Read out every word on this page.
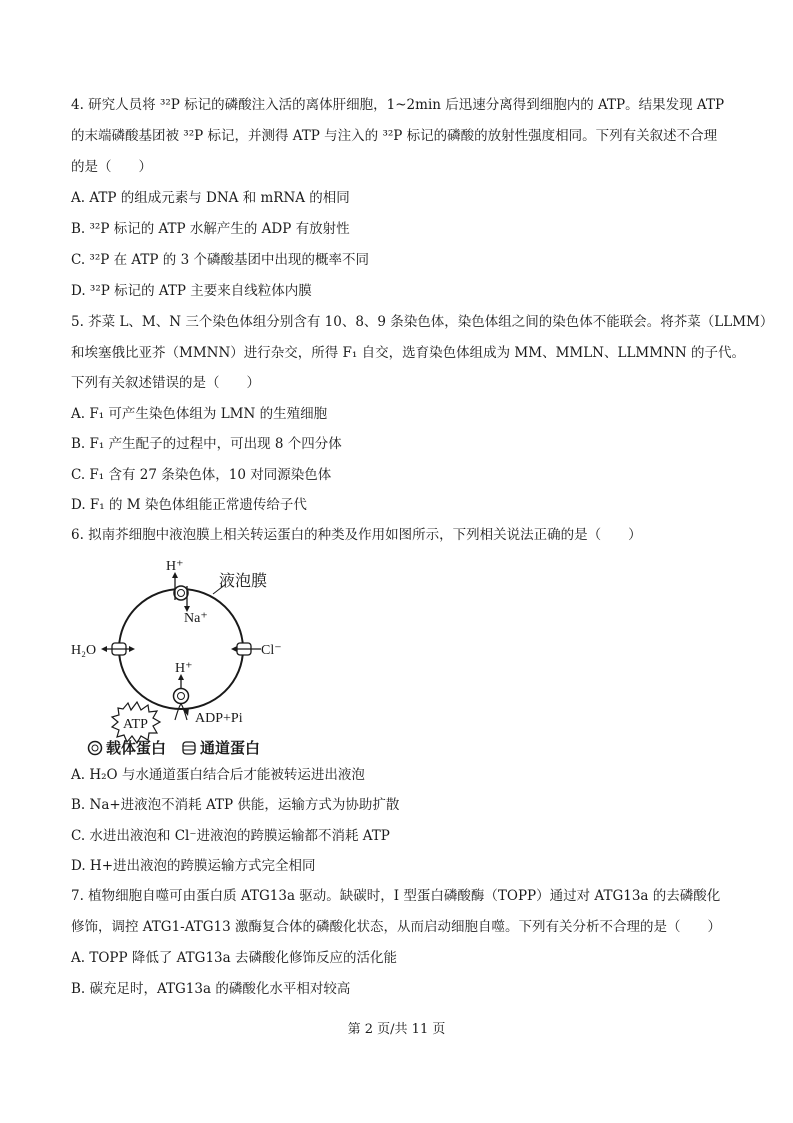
4. 研究人员将 ³²P 标记的磷酸注入活的离体肝细胞，1~2min 后迅速分离得到细胞内的 ATP。结果发现 ATP
的末端磷酸基团被 ³²P 标记，并测得 ATP 与注入的 ³²P 标记的磷酸的放射性强度相同。下列有关叙述不合理
的是（　　）
A. ATP 的组成元素与 DNA 和 mRNA 的相同
B. ³²P 标记的 ATP 水解产生的 ADP 有放射性
C. ³²P 在 ATP 的 3 个磷酸基团中出现的概率不同
D. ³²P 标记的 ATP 主要来自线粒体内膜
5. 芥菜 L、M、N 三个染色体组分别含有 10、8、9 条染色体，染色体组之间的染色体不能联会。将芥菜（LLMM）
和埃塞俄比亚芥（MMNN）进行杂交，所得 F₁ 自交，选育染色体组成为 MM、MMLN、LLMMNN 的子代。
下列有关叙述错误的是（　　）
A. F₁ 可产生染色体组为 LMN 的生殖细胞
B. F₁ 产生配子的过程中，可出现 8 个四分体
C. F₁ 含有 27 条染色体，10 对同源染色体
D. F₁ 的 M 染色体组能正常遗传给子代
6. 拟南芥细胞中液泡膜上相关转运蛋白的种类及作用如图所示，下列相关说法正确的是（　　）
液泡膜
H⁺
Na⁺
H₂O	Cl⁻
H⁺
ATP	ADP+Pi
载体蛋白 通道蛋白
A. H₂O 与水通道蛋白结合后才能被转运进出液泡
B. Na+进液泡不消耗 ATP 供能，运输方式为协助扩散
C. 水进出液泡和 Cl⁻进液泡的跨膜运输都不消耗 ATP
D. H+进出液泡的跨膜运输方式完全相同
7. 植物细胞自噬可由蛋白质 ATG13a 驱动。缺碳时，I 型蛋白磷酸酶（TOPP）通过对 ATG13a 的去磷酸化
修饰，调控 ATG1-ATG13 激酶复合体的磷酸化状态，从而启动细胞自噬。下列有关分析不合理的是（　　）
A. TOPP 降低了 ATG13a 去磷酸化修饰反应的活化能
B. 碳充足时，ATG13a 的磷酸化水平相对较高
第 2 页/共 11 页
